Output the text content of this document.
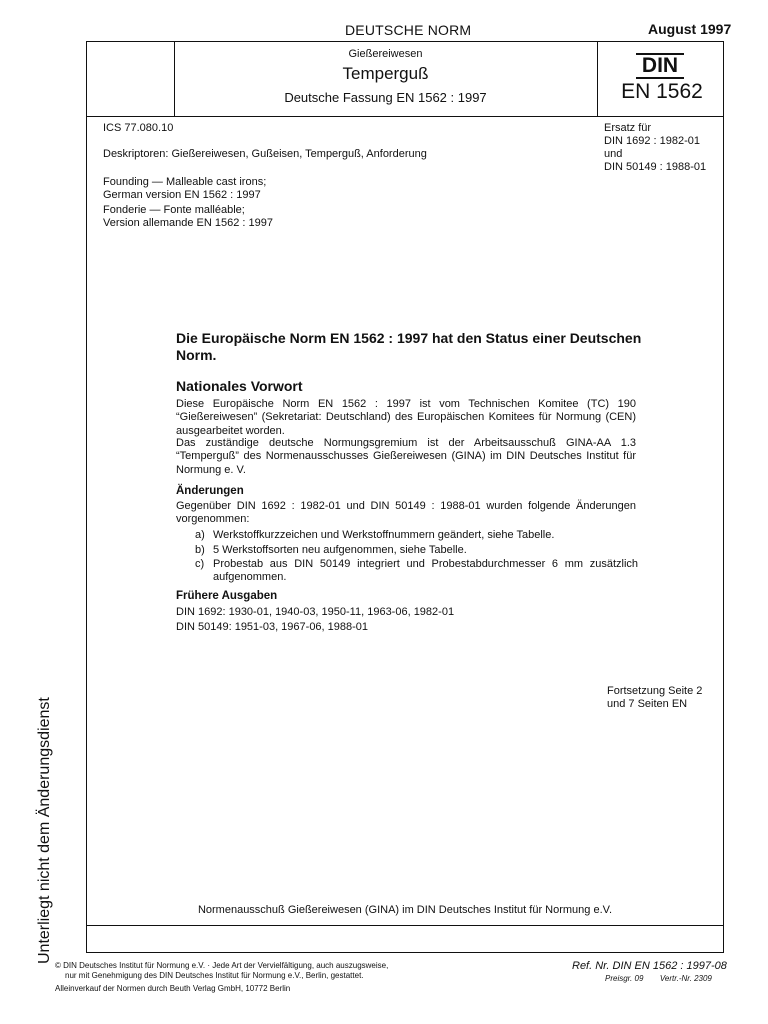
DEUTSCHE NORM	August 1997
Gießereiwesen
Temperguß
Deutsche Fassung EN 1562 : 1997
DIN
EN 1562
ICS 77.080.10
Deskriptoren: Gießereiwesen, Gußeisen, Temperguß, Anforderung
Ersatz für
DIN 1692 : 1982-01
und
DIN 50149 : 1988-01
Founding — Malleable cast irons;
German version EN 1562 : 1997
Fonderie — Fonte malléable;
Version allemande EN 1562 : 1997
Die Europäische Norm EN 1562 : 1997 hat den Status einer Deutschen Norm.
Nationales Vorwort
Diese Europäische Norm EN 1562 : 1997 ist vom Technischen Komitee (TC) 190 “Gießereiwesen” (Sekretariat: Deutschland) des Europäischen Komitees für Normung (CEN) ausgearbeitet worden.
Das zuständige deutsche Normungsgremium ist der Arbeitsausschuß GINA-AA 1.3 “Temperguß” des Normenausschusses Gießereiwesen (GINA) im DIN Deutsches Institut für Normung e. V.
Änderungen
Gegenüber DIN 1692 : 1982-01 und DIN 50149 : 1988-01 wurden folgende Änderungen vorgenommen:
a) Werkstoffkurzzeichen und Werkstoffnummern geändert, siehe Tabelle.
b) 5 Werkstoffsorten neu aufgenommen, siehe Tabelle.
c) Probestab aus DIN 50149 integriert und Probestabdurchmesser 6 mm zusätzlich aufgenommen.
Frühere Ausgaben
DIN 1692: 1930-01, 1940-03, 1950-11, 1963-06, 1982-01
DIN 50149: 1951-03, 1967-06, 1988-01
Fortsetzung Seite 2
und 7 Seiten EN
Normenausschuß Gießereiwesen (GINA) im DIN Deutsches Institut für Normung e.V.
Unterliegt nicht dem Änderungsdienst
© DIN Deutsches Institut für Normung e.V. · Jede Art der Vervielfältigung, auch auszugsweise,
nur mit Genehmigung des DIN Deutsches Institut für Normung e.V., Berlin, gestattet.
Alleinverkauf der Normen durch Beuth Verlag GmbH, 10772 Berlin
Ref. Nr. DIN EN 1562 : 1997-08
Preisgr. 09 Vertr.-Nr. 2309
